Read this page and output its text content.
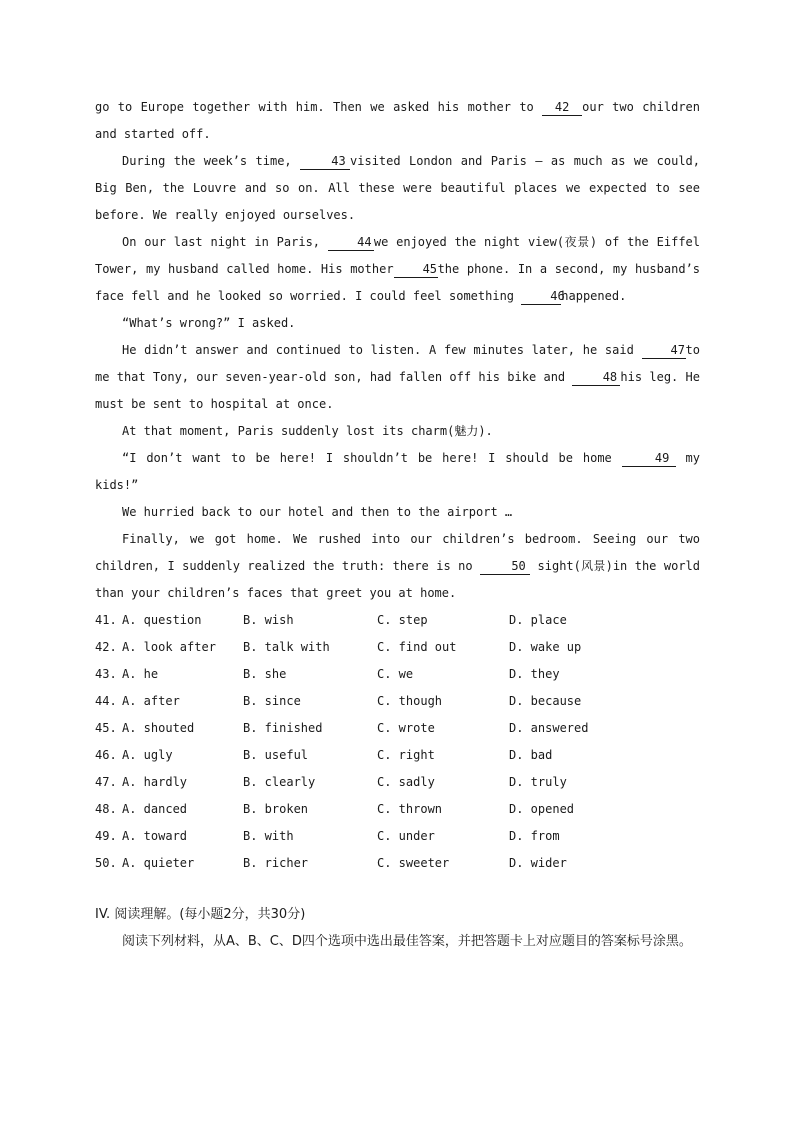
go to Europe together with him. Then we asked his mother to 42 our two children and started off.

During the week’s time,	43 visited London and Paris – as much as we could, Big Ben, the Louvre and so on. All these were beautiful places we expected to see before. We really enjoyed ourselves.

On our last night in Paris, 44 we enjoyed the night view(夜景) of the Eiffel Tower, my husband called home. His mother 45the phone. In a second, my husband’s face fell and he looked so worried. I could feel something 46happened.

“What’s wrong?” I asked.

He didn’t answer and continued to listen. A few minutes later, he said 47to me that Tony, our seven-year-old son, had fallen off his bike and	48 his leg. He must be sent to hospital at once.

At that moment, Paris suddenly lost its charm(魅力).

“I don’t want to be here! I shouldn’t be here! I should be home	49 my kids!”

We hurried back to our hotel and then to the airport …

Finally, we got home. We rushed into our children’s bedroom. Seeing our two children, I suddenly realized the truth: there is no	50 sight(风景)in the world than your children’s faces that greet you at home.

41. A. question	B. wish	C. step	D. place
42. A. look after	B. talk with	C. find out	D. wake up
43. A. he	B. she	C. we	D. they
44. A. after	B. since	C. though	D. because
45. A. shouted	B. finished	C. wrote	D. answered
46. A. ugly	B. useful	C. right	D. bad
47. A. hardly	B. clearly	C. sadly	D. truly
48. A. danced	B. broken	C. thrown	D. opened
49. A. toward	B. with	C. under	D. from
50. A. quieter	B. richer	C. sweeter	D. wider
IV. 阅读理解。(每小题2分，共30分)

阅读下列材料，从A、B、C、D四个选项中选出最佳答案，并把答题卡上对应题目的答案标号涂黑。
